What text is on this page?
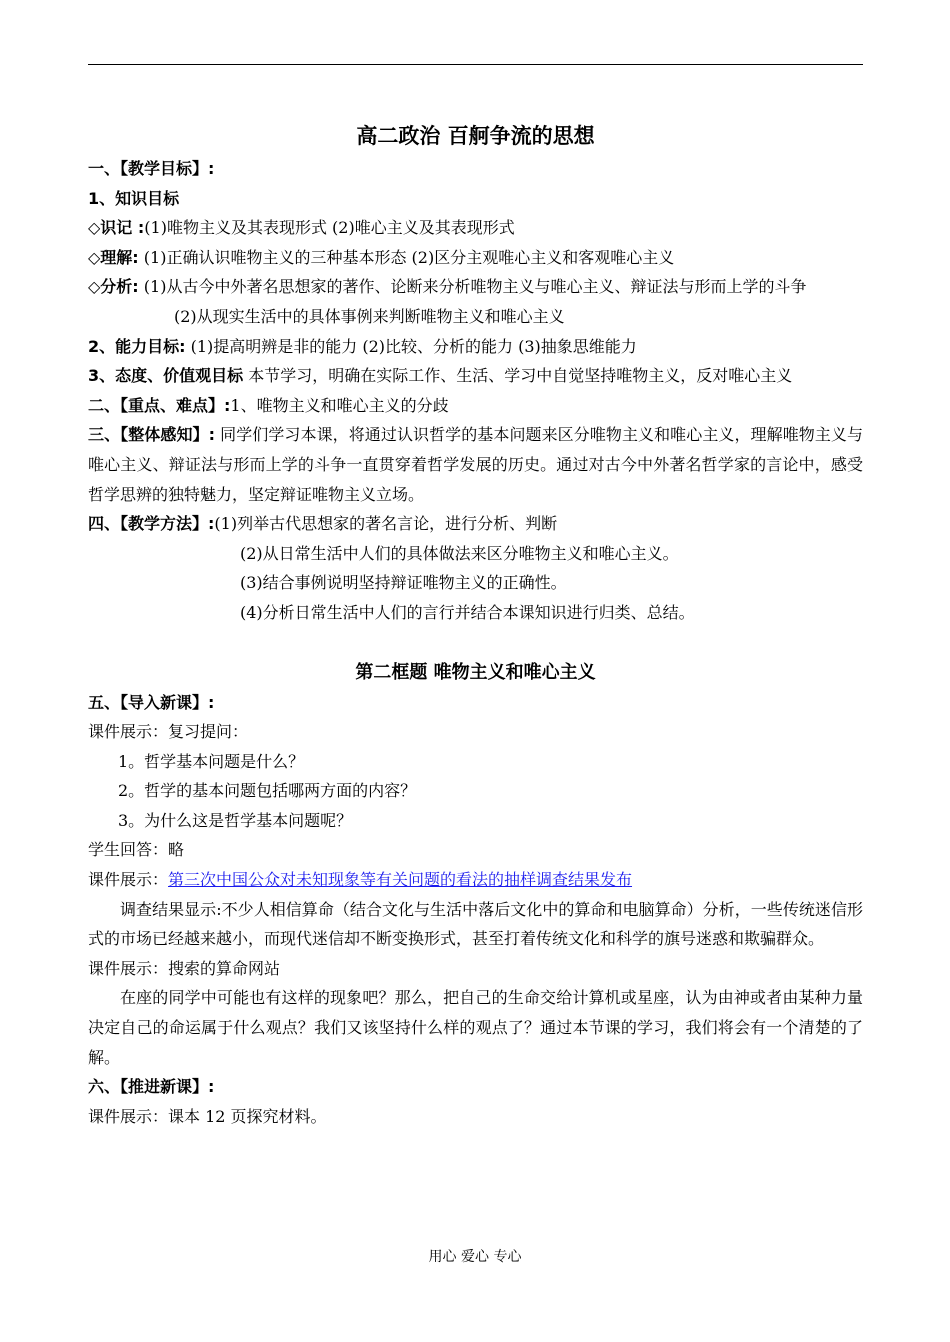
高二政治 百舸争流的思想
一、【教学目标】:
1、知识目标
◇识记 :(1)唯物主义及其表现形式 (2)唯心主义及其表现形式
◇理解: (1)正确认识唯物主义的三种基本形态 (2)区分主观唯心主义和客观唯心主义
◇分析: (1)从古今中外著名思想家的著作、论断来分析唯物主义与唯心主义、辩证法与形而上学的斗争
(2)从现实生活中的具体事例来判断唯物主义和唯心主义
2、能力目标: (1)提高明辨是非的能力 (2)比较、分析的能力 (3)抽象思维能力
3、态度、价值观目标 本节学习，明确在实际工作、生活、学习中自觉坚持唯物主义，反对唯心主义
二、【重点、难点】:1、唯物主义和唯心主义的分歧
三、【整体感知】: 同学们学习本课，将通过认识哲学的基本问题来区分唯物主义和唯心主义，理解唯物主义与唯心主义、辩证法与形而上学的斗争一直贯穿着哲学发展的历史。通过对古今中外著名哲学家的言论中，感受哲学思辨的独特魅力，坚定辩证唯物主义立场。
四、【教学方法】:(1)列举古代思想家的著名言论，进行分析、判断
(2)从日常生活中人们的具体做法来区分唯物主义和唯心主义。
(3)结合事例说明坚持辩证唯物主义的正确性。
(4)分析日常生活中人们的言行并结合本课知识进行归类、总结。
第二框题 唯物主义和唯心主义
五、【导入新课】:
课件展示：复习提问：
1。哲学基本问题是什么？
2。哲学的基本问题包括哪两方面的内容？
3。为什么这是哲学基本问题呢？
学生回答：略
课件展示：第三次中国公众对未知现象等有关问题的看法的抽样调查结果发布
调查结果显示:不少人相信算命（结合文化与生活中落后文化中的算命和电脑算命）分析，一些传统迷信形式的市场已经越来越小，而现代迷信却不断变换形式，甚至打着传统文化和科学的旗号迷惑和欺骗群众。
课件展示：搜索的算命网站
在座的同学中可能也有这样的现象吧？那么，把自己的生命交给计算机或星座，认为由神或者由某种力量决定自己的命运属于什么观点？我们又该坚持什么样的观点了？通过本节课的学习，我们将会有一个清楚的了解。
六、【推进新课】:
课件展示：课本 12 页探究材料。
用心 爱心 专心
